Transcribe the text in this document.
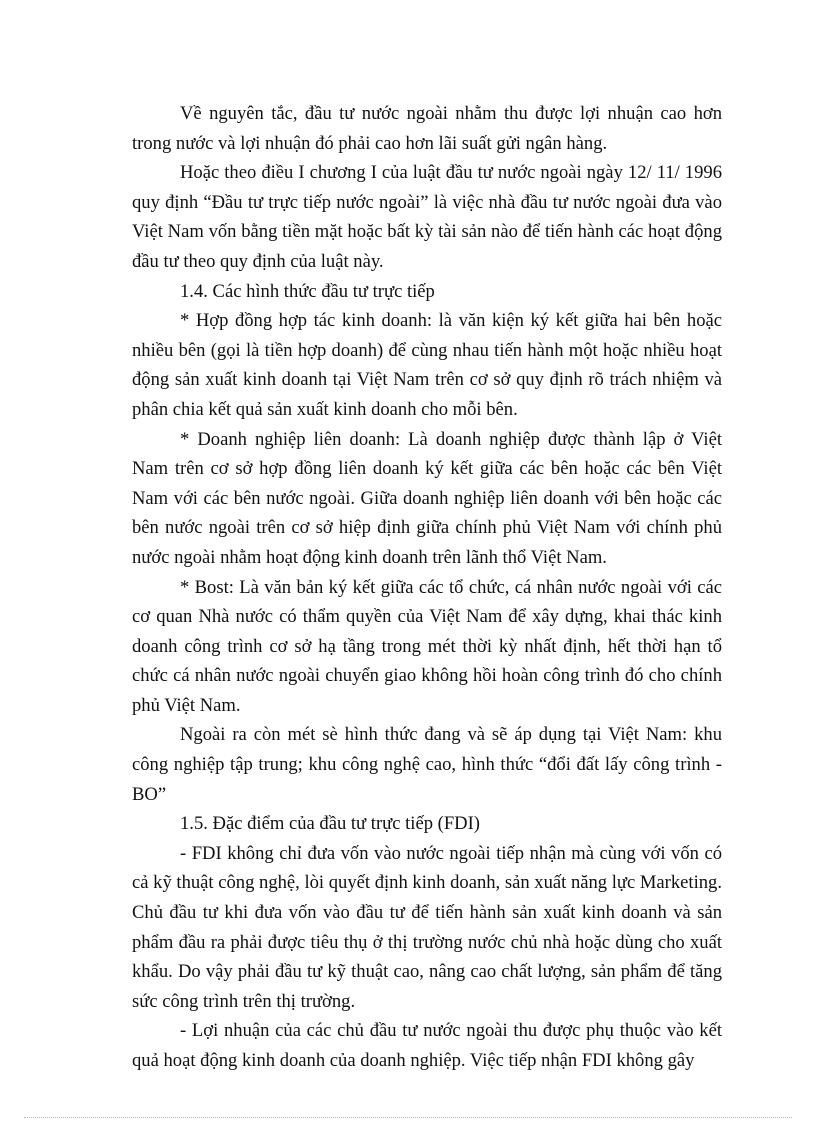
Về nguyên tắc, đầu tư nước ngoài nhằm thu được lợi nhuận cao hơn trong nước và lợi nhuận đó phải cao hơn lãi suất gửi ngân hàng.

Hoặc theo điều I chương I của luật đầu tư nước ngoài ngày 12/ 11/ 1996 quy định “Đầu tư trực tiếp nước ngoài” là việc nhà đầu tư nước ngoài đưa vào Việt Nam vốn bằng tiền mặt hoặc bất kỳ tài sản nào để tiến hành các hoạt động đầu tư theo quy định của luật này.

1.4. Các hình thức đầu tư trực tiếp

* Hợp đồng hợp tác kinh doanh: là văn kiện ký kết giữa hai bên hoặc nhiều bên (gọi là tiền hợp doanh) để cùng nhau tiến hành một hoặc nhiều hoạt động sản xuất kinh doanh tại Việt Nam trên cơ sở quy định rõ trách nhiệm và phân chia kết quả sản xuất kinh doanh cho mỗi bên.

* Doanh nghiệp liên doanh: Là doanh nghiệp được thành lập ở Việt Nam trên cơ sở hợp đồng liên doanh ký kết giữa các bên hoặc các bên Việt Nam với các bên nước ngoài. Giữa doanh nghiệp liên doanh với bên hoặc các bên nước ngoài trên cơ sở hiệp định giữa chính phủ Việt Nam với chính phủ nước ngoài nhằm hoạt động kinh doanh trên lãnh thổ Việt Nam.

* Bost: Là văn bản ký kết giữa các tổ chức, cá nhân nước ngoài với các cơ quan Nhà nước có thẩm quyền của Việt Nam để xây dựng, khai thác kinh doanh công trình cơ sở hạ tầng trong mét thời kỳ nhất định, hết thời hạn tổ chức cá nhân nước ngoài chuyển giao không hồi hoàn công trình đó cho chính phủ Việt Nam.

Ngoài ra còn mét sè hình thức đang và sẽ áp dụng tại Việt Nam: khu công nghiệp tập trung; khu công nghệ cao, hình thức “đổi đất lấy công trình - BO”

1.5. Đặc điểm của đầu tư trực tiếp (FDI)

- FDI không chỉ đưa vốn vào nước ngoài tiếp nhận mà cùng với vốn có cả kỹ thuật công nghệ, lòi quyết định kinh doanh, sản xuất năng lực Marketing. Chủ đầu tư khi đưa vốn vào đầu tư để tiến hành sản xuất kinh doanh và sản phẩm đầu ra phải được tiêu thụ ở thị trường nước chủ nhà hoặc dùng cho xuất khẩu. Do vậy phải đầu tư kỹ thuật cao, nâng cao chất lượng, sản phẩm để tăng sức công trình trên thị trường.

- Lợi nhuận của các chủ đầu tư nước ngoài thu được phụ thuộc vào kết quả hoạt động kinh doanh của doanh nghiệp. Việc tiếp nhận FDI không gây
